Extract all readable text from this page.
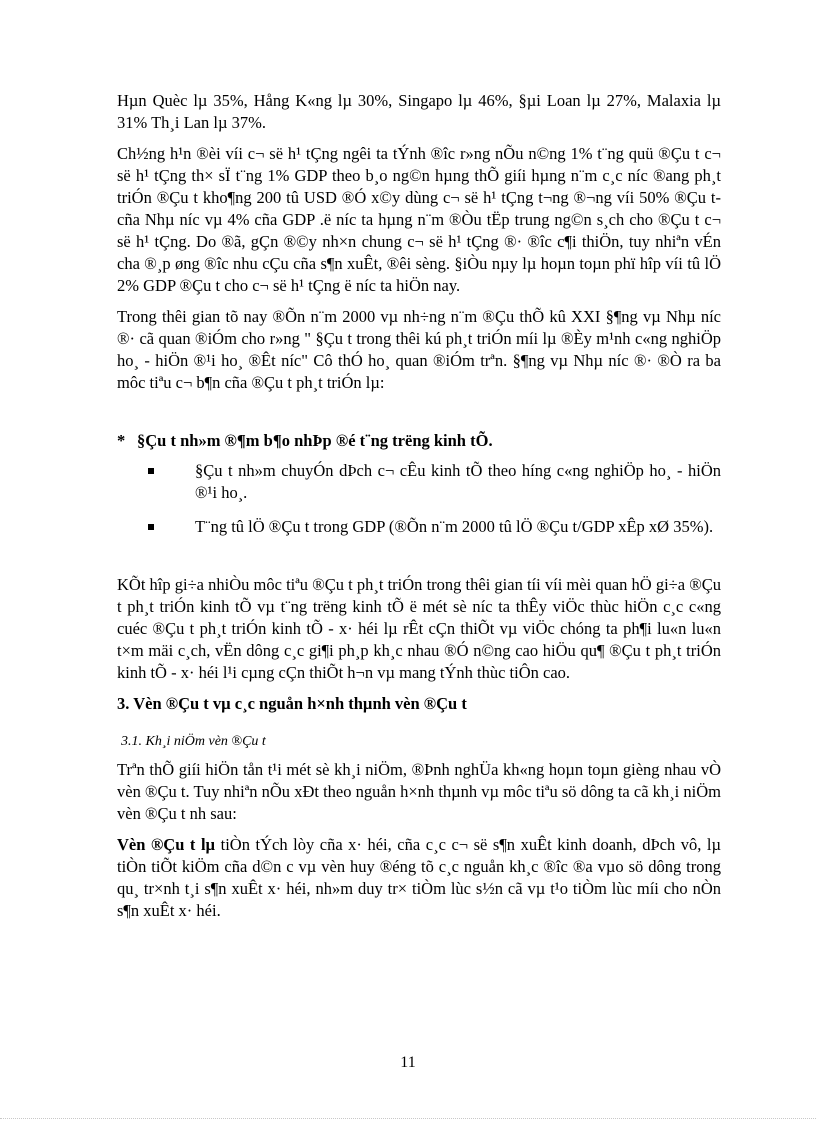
Hµn Quèc lµ 35%, Hång K«ng lµ 30%, Singapo lµ 46%, §µi Loan lµ 27%, Malaxia lµ 31% Th¸i Lan lµ 37%.

Ch½ng h¹n ®èi víi c¬ së h¹ tÇng ngêi ta tÝnh ®îc r»ng nÕu n©ng 1% t¨ng quü ®Çu t c¬ së h¹ tÇng th× sÏ t¨ng 1% GDP theo b¸o ng©n hµng thÕ giíi hµng n¨m c¸c níc ®ang ph¸t triÓn ®Çu t kho¶ng 200 tû USD ®Ó x©y dùng c¬ së h¹ tÇng t¬ng ®¬ng víi 50% ®Çu t cña Nhµ níc vµ 4% cña GDP .ë níc ta hµng n¨m ®Òu tËp trung ng©n s¸ch cho ®Çu t c¬ së h¹ tÇng. Do ®ã, gÇn ®©y nh×n chung c¬ së h¹ tÇng ®· ®îc c¶i thiÖn, tuy nhiªn vÉn cha ®¸p øng ®îc nhu cÇu cña s¶n xuÊt, ®êi sèng. §iÒu nµy lµ hoµn toµn phï hîp víi tû lÖ 2% GDP ®Çu t cho c¬ së h¹ tÇng ë níc ta hiÖn nay.

Trong thêi gian tõ nay ®Õn n¨m 2000 vµ nh÷ng n¨m ®Çu thÕ kû XXI §¶ng vµ Nhµ níc ®· cã quan ®iÓm cho r»ng " §Çu t trong thêi kú ph¸t triÓn míi lµ ®Èy m¹nh c«ng nghiÖp ho¸ - hiÖn ®¹i ho¸ ®Êt níc" Cô thÓ ho¸ quan ®iÓm trªn. §¶ng vµ Nhµ níc ®· ®Ò ra ba môc tiªu c¬ b¶n cña ®Çu t ph¸t triÓn lµ:

* §Çu t nh»m ®¶m b¶o nhÞp ®é t¨ng trëng kinh tÕ.
§Çu t nh»m chuyÓn dÞch c¬ cÊu kinh tÕ theo híng c«ng nghiÖp ho¸ - hiÖn ®¹i ho¸.
T¨ng tû lÖ ®Çu t trong GDP (®Õn n¨m 2000 tû lÖ ®Çu t/GDP xÊp xØ 35%).

KÕt hîp gi÷a nhiÒu môc tiªu ®Çu t ph¸t triÓn trong thêi gian tíi víi mèi quan hÖ gi÷a ®Çu t ph¸t triÓn kinh tÕ vµ t¨ng trëng kinh tÕ ë mét sè níc ta thÊy viÖc thùc hiÖn c¸c c«ng cuéc ®Çu t ph¸t triÓn kinh tÕ - x· héi lµ rÊt cÇn thiÕt vµ viÖc chóng ta ph¶i lu«n lu«n t×m mäi c¸ch, vËn dông c¸c gi¶i ph¸p kh¸c nhau ®Ó n©ng cao hiÖu qu¶ ®Çu t ph¸t triÓn kinh tÕ - x· héi l¹i cµng cÇn thiÕt h¬n vµ mang tÝnh thùc tiÔn cao.

3. Vèn ®Çu t vµ c¸c nguån h×nh thµnh vèn ®Çu t
3.1. Kh¸i niÖm vèn ®Çu t

Trªn thÕ giíi hiÖn tån t¹i mét sè kh¸i niÖm, ®Þnh nghÜa kh«ng hoµn toµn gièng nhau vÒ vèn ®Çu t. Tuy nhiªn nÕu xÐt theo nguån h×nh thµnh vµ môc tiªu sö dông ta cã kh¸i niÖm vèn ®Çu t nh sau:

Vèn ®Çu t lµ tiÒn tÝch lòy cña x· héi, cña c¸c c¬ së s¶n xuÊt kinh doanh, dÞch vô, lµ tiÒn tiÕt kiÖm cña d©n c vµ vèn huy ®éng tõ c¸c nguån kh¸c ®îc ®a vµo sö dông trong qu¸ tr×nh t¸i s¶n xuÊt x· héi, nh»m duy tr× tiÒm lùc s½n cã vµ t¹o tiÒm lùc míi cho nÒn s¶n xuÊt x· héi.

11
